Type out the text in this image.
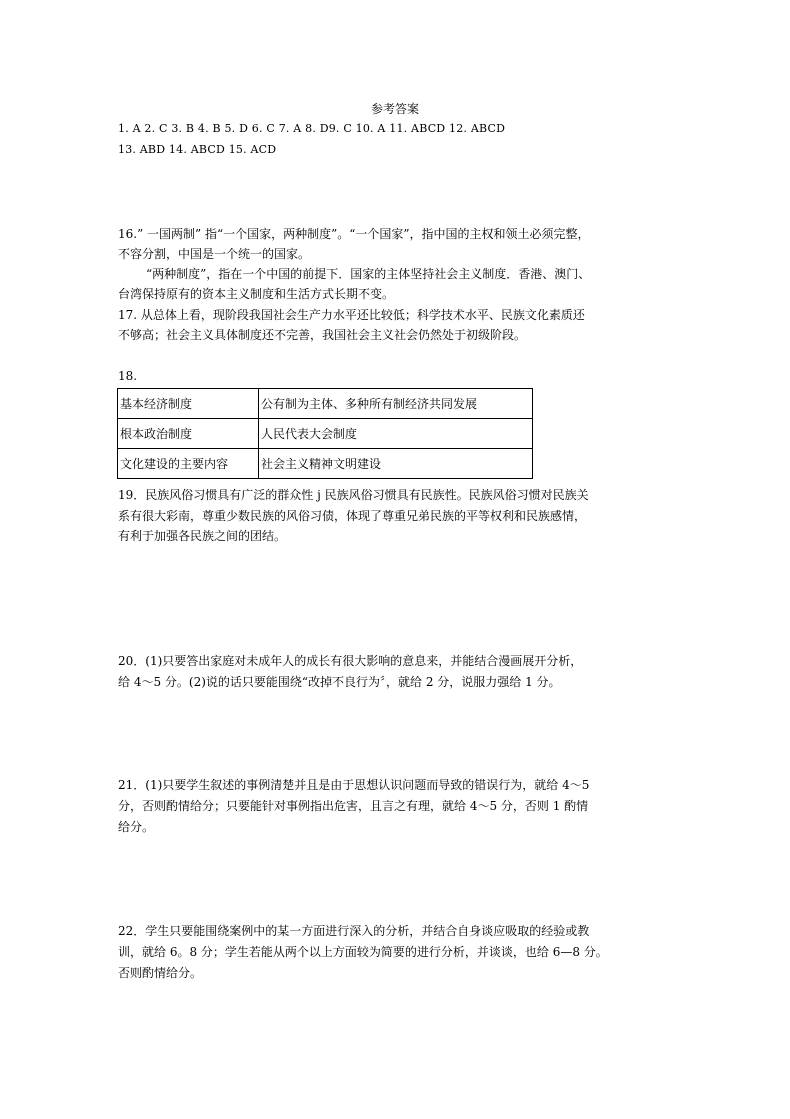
参考答案
1. A 2. C 3. B 4. B 5. D 6. C 7. A 8. D9. C 10. A 11. ABCD 12. ABCD
13. ABD 14. ABCD 15. ACD
16.” 一国两制” 指“一个国家，两种制度”。“一个国家”，指中国的主权和领土必须完整，
不容分割，中国是一个统一的国家。
“两种制度”，指在一个中国的前提下．国家的主体坚持社会主义制度．香港、澳门、
台湾保持原有的资本主义制度和生活方式长期不变。
17. 从总体上看，现阶段我国社会生产力水平还比较低；科学技术水平、民族文化素质还
不够高；社会主义具体制度还不完善，我国社会主义社会仍然处于初级阶段。
18.
基本经济制度	公有制为主体、多种所有制经济共同发展
根本政治制度	人民代表大会制度
文化建设的主要内容	社会主义精神文明建设
19．民族风俗习惯具有广泛的群众性 j 民族风俗习惯具有民族性。民族风俗习惯对民族关
系有很大彩南，尊重少数民族的风俗习债，体现了尊重兄弟民族的平等权利和民族感情，
有利于加强各民族之间的团结。
20．(1)只要答出家庭对未成年人的成长有很大影响的意息来，并能结合漫画展开分析，
给 4～5 分。(2)说的话只要能围绕“改掉不良行为〞，就给 2 分，说服力强给 1 分。
21．(1)只要学生叙述的事例清楚并且是由于思想认识问题而导致的错误行为，就给 4～5
分，否则酌情给分；只要能针对事例指出危害，且言之有理，就给 4～5 分，否则 1 酌情
给分。
22．学生只要能围绕案例中的某一方面进行深入的分析，并结合自身谈应吸取的经验或教
训，就给 6。8 分；学生若能从两个以上方面较为简要的进行分析，并谈谈，也给 6—8 分。
否则酌情给分。
